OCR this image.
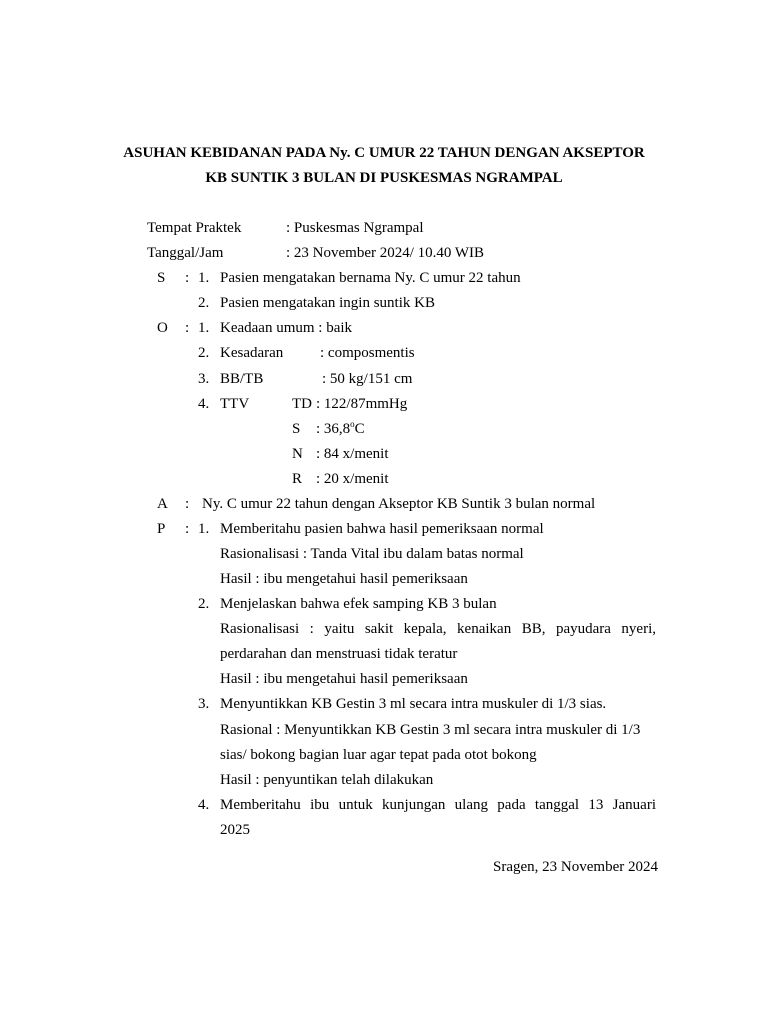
ASUHAN KEBIDANAN PADA Ny. C UMUR 22 TAHUN DENGAN AKSEPTOR
KB SUNTIK 3 BULAN DI PUSKESMAS NGRAMPAL
Tempat Praktek	: Puskesmas Ngrampal
Tanggal/Jam	: 23 November 2024/ 10.40 WIB
S : 1. Pasien mengatakan bernama Ny. C umur 22 tahun
2. Pasien mengatakan ingin suntik KB
O : 1. Keadaan umum : baik
2. Kesadaran : composmentis
3. BB/TB	: 50 kg/151 cm
4. TTV	TD : 122/87mmHg
S : 36,8$^o$C
N : 84 x/menit
R : 20 x/menit
A : Ny. C umur 22 tahun dengan Akseptor KB Suntik 3 bulan normal
P : 1. Memberitahu pasien bahwa hasil pemeriksaan normal
Rasionalisasi : Tanda Vital ibu dalam batas normal
Hasil : ibu mengetahui hasil pemeriksaan
2. Menjelaskan bahwa efek samping KB 3 bulan
Rasionalisasi : yaitu sakit kepala, kenaikan BB, payudara nyeri,
perdarahan dan menstruasi tidak teratur
Hasil : ibu mengetahui hasil pemeriksaan
3. Menyuntikkan KB Gestin 3 ml secara intra muskuler di 1/3 sias.
Rasional : Menyuntikkan KB Gestin 3 ml secara intra muskuler di 1/3
sias/ bokong bagian luar agar tepat pada otot bokong
Hasil : penyuntikan telah dilakukan
4. Memberitahu ibu untuk kunjungan ulang pada tanggal 13 Januari
2025
Sragen, 23 November 2024
